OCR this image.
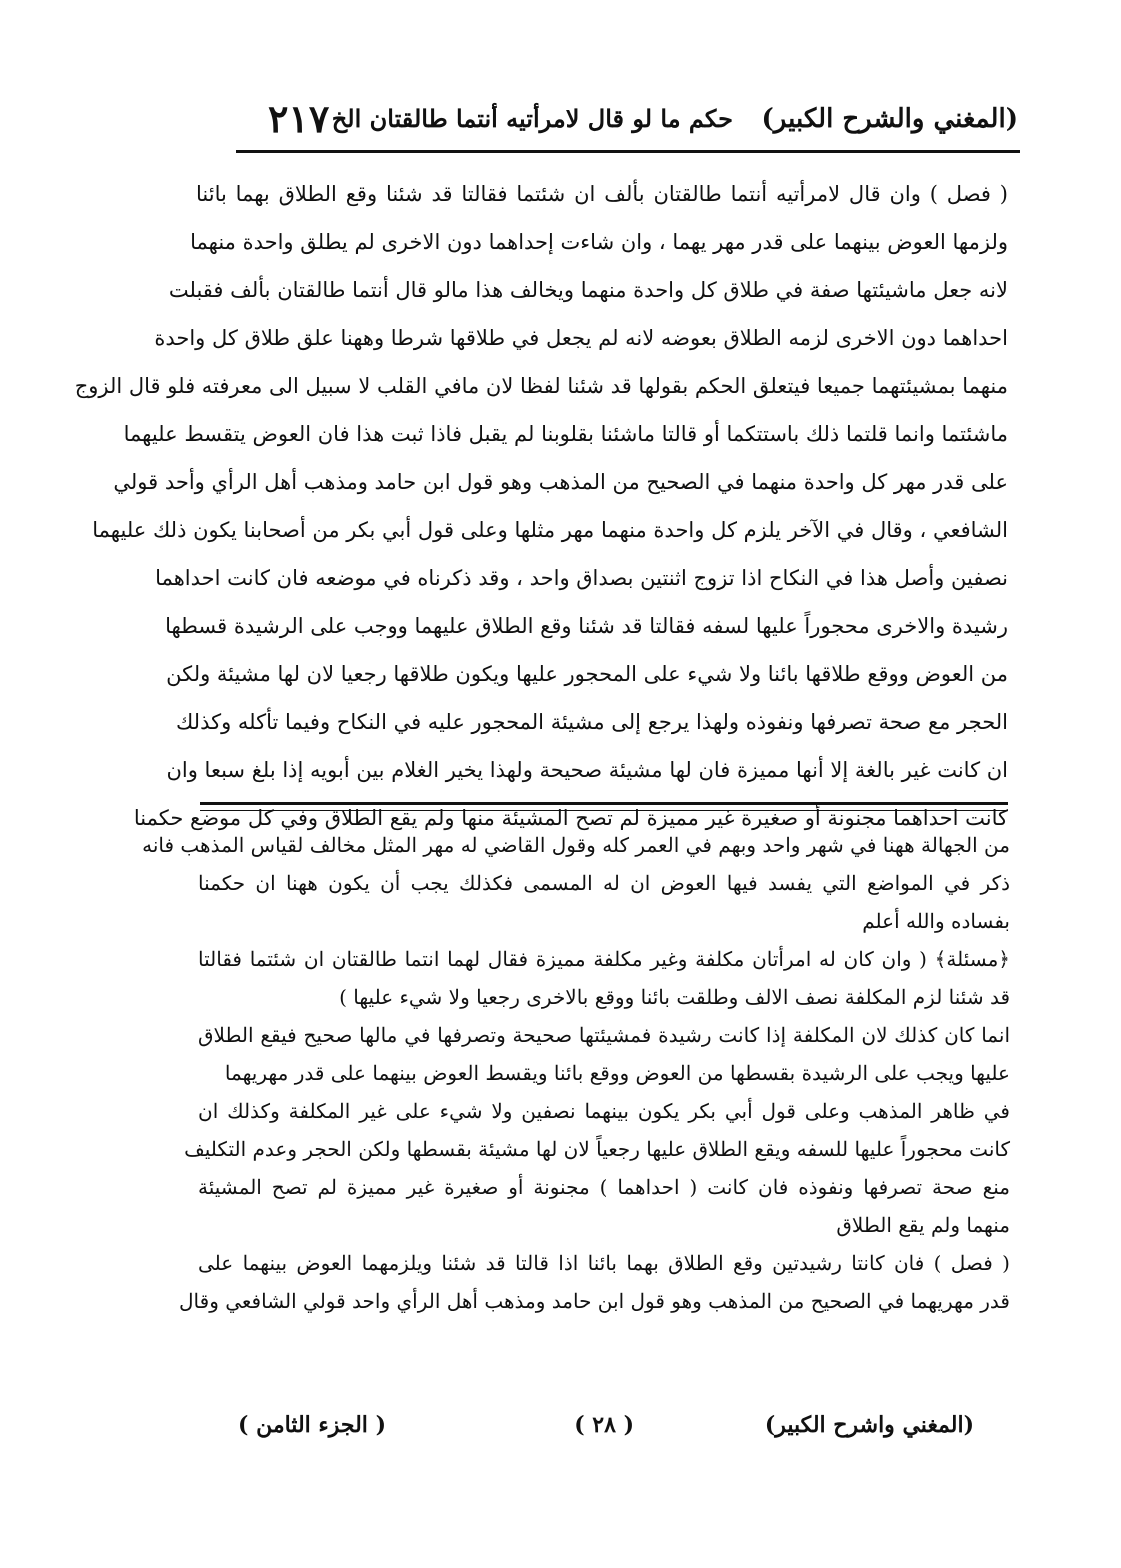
(المغني والشرح الكبير)
حكم ما لو قال لامرأتيه أنتما طالقتان الخ
٢١٧
( فصل ) وان قال لامرأتيه أنتما طالقتان بألف ان شئتما فقالتا قد شئنا وقع الطلاق بهما بائنا
ولزمها العوض بينهما على قدر مهر يهما ، وان شاءت إحداهما دون الاخرى لم يطلق واحدة منهما
لانه جعل ماشيئتها صفة في طلاق كل واحدة منهما ويخالف هذا مالو قال أنتما طالقتان بألف فقبلت
احداهما دون الاخرى لزمه الطلاق بعوضه لانه لم يجعل في طلاقها شرطا وههنا علق طلاق كل واحدة
منهما بمشيئتهما جميعا فيتعلق الحكم بقولها قد شئنا لفظا لان مافي القلب لا سبيل الى معرفته فلو قال الزوج
ماشئتما وانما قلتما ذلك باستتكما أو قالتا ماشئنا بقلوبنا لم يقبل فاذا ثبت هذا فان العوض يتقسط عليهما
على قدر مهر كل واحدة منهما في الصحيح من المذهب وهو قول ابن حامد ومذهب أهل الرأي وأحد قولي
الشافعي ، وقال في الآخر يلزم كل واحدة منهما مهر مثلها وعلى قول أبي بكر من أصحابنا يكون ذلك عليهما
نصفين وأصل هذا في النكاح اذا تزوج اثنتين بصداق واحد ، وقد ذكرناه في موضعه فان كانت احداهما
رشيدة والاخرى محجوراً عليها لسفه فقالتا قد شئنا وقع الطلاق عليهما ووجب على الرشيدة قسطها
من العوض ووقع طلاقها بائنا ولا شيء على المحجور عليها ويكون طلاقها رجعيا لان لها مشيئة ولكن
الحجر مع صحة تصرفها ونفوذه ولهذا يرجع إلى مشيئة المحجور عليه في النكاح وفيما تأكله وكذلك
ان كانت غير بالغة إلا أنها مميزة فان لها مشيئة صحيحة ولهذا يخير الغلام بين أبويه إذا بلغ سبعا وان
كانت احداهما مجنونة أو صغيرة غير مميزة لم تصح المشيئة منها ولم يقع الطلاق وفي كل موضع حكمنا
من الجهالة ههنا في شهر واحد وبهم في العمر كله وقول القاضي له مهر المثل مخالف لقياس المذهب فانه
ذكر في المواضع التي يفسد فيها العوض ان له المسمى فكذلك يجب أن يكون ههنا ان حكمنا
بفساده والله أعلم
﴿مسئلة﴾ ( وان كان له امرأتان مكلفة وغير مكلفة مميزة فقال لهما انتما طالقتان ان شئتما فقالتا
قد شئنا لزم المكلفة نصف الالف وطلقت بائنا ووقع بالاخرى رجعيا ولا شيء عليها )
انما كان كذلك لان المكلفة إذا كانت رشيدة فمشيئتها صحيحة وتصرفها في مالها صحيح فيقع الطلاق
عليها ويجب على الرشيدة بقسطها من العوض ووقع بائنا ويقسط العوض بينهما على قدر مهريهما
في ظاهر المذهب وعلى قول أبي بكر يكون بينهما نصفين ولا شيء على غير المكلفة وكذلك ان
كانت محجوراً عليها للسفه ويقع الطلاق عليها رجعياً لان لها مشيئة بقسطها ولكن الحجر وعدم التكليف
منع صحة تصرفها ونفوذه فان كانت ( احداهما ) مجنونة أو صغيرة غير مميزة لم تصح المشيئة
منهما ولم يقع الطلاق
( فصل ) فان كانتا رشيدتين وقع الطلاق بهما بائنا اذا قالتا قد شئنا ويلزمهما العوض بينهما على
قدر مهريهما في الصحيح من المذهب وهو قول ابن حامد ومذهب أهل الرأي واحد قولي الشافعي وقال
(المغني واشرح الكبير)
( ٢٨ )
( الجزء الثامن )
